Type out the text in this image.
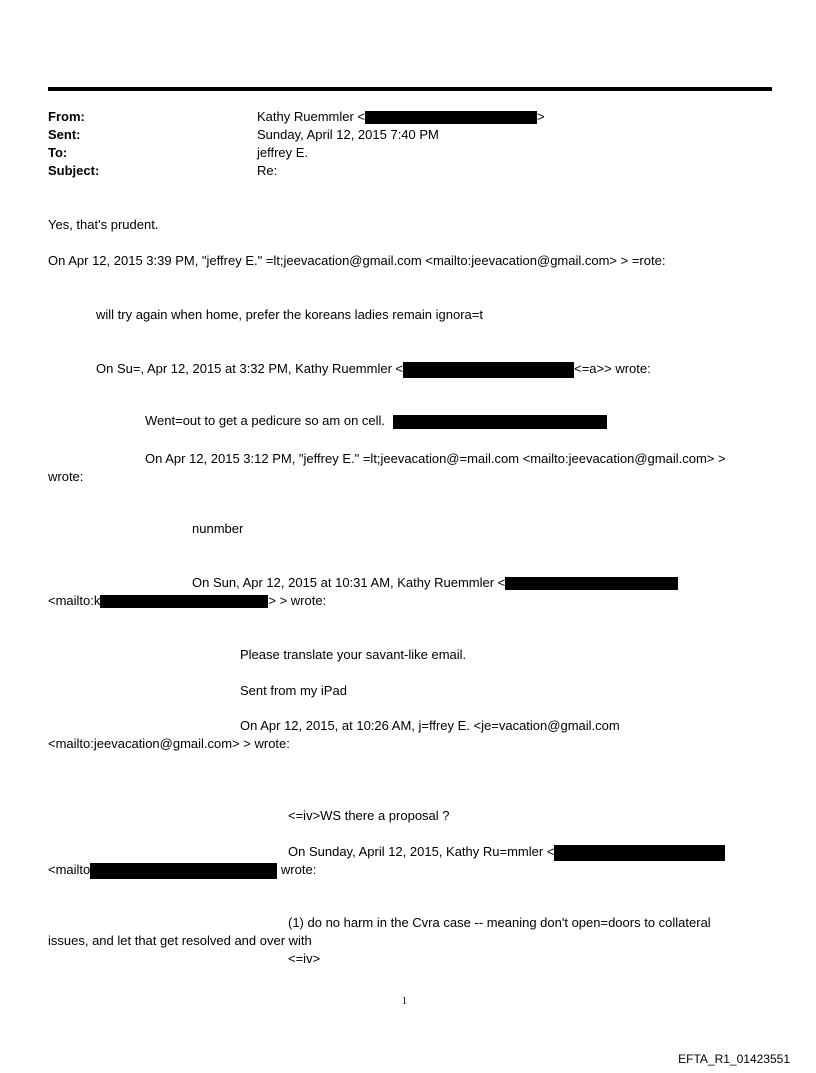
From:	Kathy Ruemmler <	>
Sent:	Sunday, April 12, 2015 7:40 PM
To:	jeffrey E.
Subject:	Re:
Yes, that's prudent.
On Apr 12, 2015 3:39 PM, "jeffrey E." =lt;jeevacation@gmail.com <mailto:jeevacation@gmail.com> > =rote:
will try again when home, prefer the koreans ladies remain ignora=t
On Su=, Apr 12, 2015 at 3:32 PM, Kathy Ruemmler <	<=a>> wrote:
Went=out to get a pedicure so am on cell.
On Apr 12, 2015 3:12 PM, "jeffrey E." =lt;jeevacation@=mail.com <mailto:jeevacation@gmail.com> >
wrote:
nunmber
On Sun, Apr 12, 2015 at 10:31 AM, Kathy Ruemmler <
<mailto:k	> > wrote:
Please translate your savant-like email.
Sent from my iPad
On Apr 12, 2015, at 10:26 AM, j=ffrey E. <je=vacation@gmail.com
<mailto:jeevacation@gmail.com> > wrote:
<=iv>WS there a proposal ?
On Sunday, April 12, 2015, Kathy Ru=mmler <
<mailto	wrote:
(1) do no harm in the Cvra case -- meaning don't open=doors to collateral
issues, and let that get resolved and over with
<=iv>
1
EFTA_R1_01423551
